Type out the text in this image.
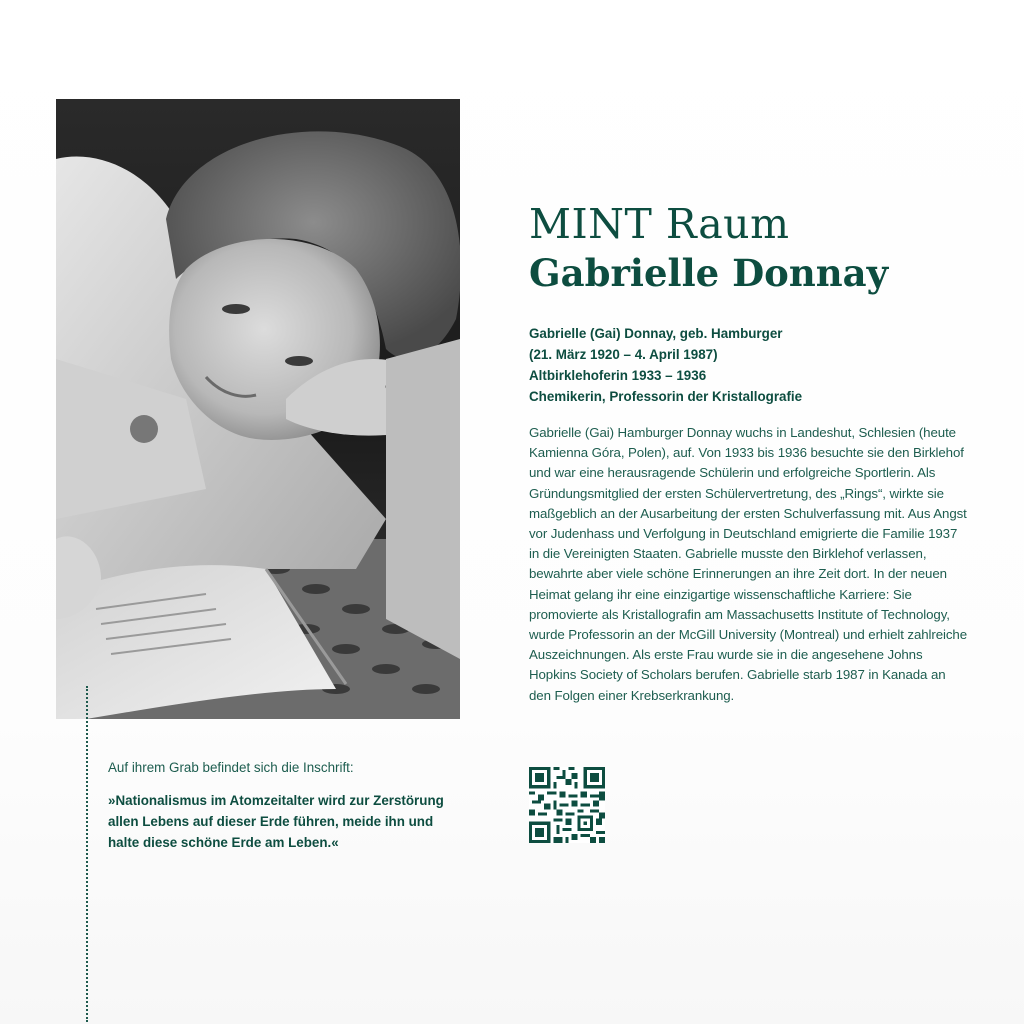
MINT Raum
Gabrielle Donnay
Gabrielle (Gai) Donnay, geb. Hamburger
(21. März 1920 – 4. April 1987)
Altbirklehoferin 1933 – 1936
Chemikerin, Professorin der Kristallografie

Gabrielle (Gai) Hamburger Donnay wuchs in Landeshut, Schlesien (heute Kamienna Góra, Polen), auf. Von 1933 bis 1936 besuchte sie den Birklehof und war eine herausragende Schülerin und erfolgreiche Sportlerin. Als Gründungsmitglied der ersten Schülervertretung, des „Rings“, wirkte sie maßgeblich an der Ausarbeitung der ersten Schulverfassung mit. Aus Angst vor Judenhass und Verfolgung in Deutschland emigrierte die Familie 1937 in die Vereinigten Staaten. Gabrielle musste den Birklehof verlassen, bewahrte aber viele schöne Erinnerungen an ihre Zeit dort. In der neuen Heimat gelang ihr eine einzigartige wissenschaftliche Karriere: Sie promovierte als Kristallografin am Massachusetts Institute of Technology, wurde Professorin an der McGill University (Montreal) und erhielt zahlreiche Auszeichnungen. Als erste Frau wurde sie in die angesehene Johns Hopkins Society of Scholars berufen. Gabrielle starb 1987 in Kanada an den Folgen einer Krebserkrankung.

Auf ihrem Grab befindet sich die Inschrift:

»Nationalismus im Atomzeitalter wird zur Zerstörung allen Lebens auf dieser Erde führen, meide ihn und halte diese schöne Erde am Leben.«
